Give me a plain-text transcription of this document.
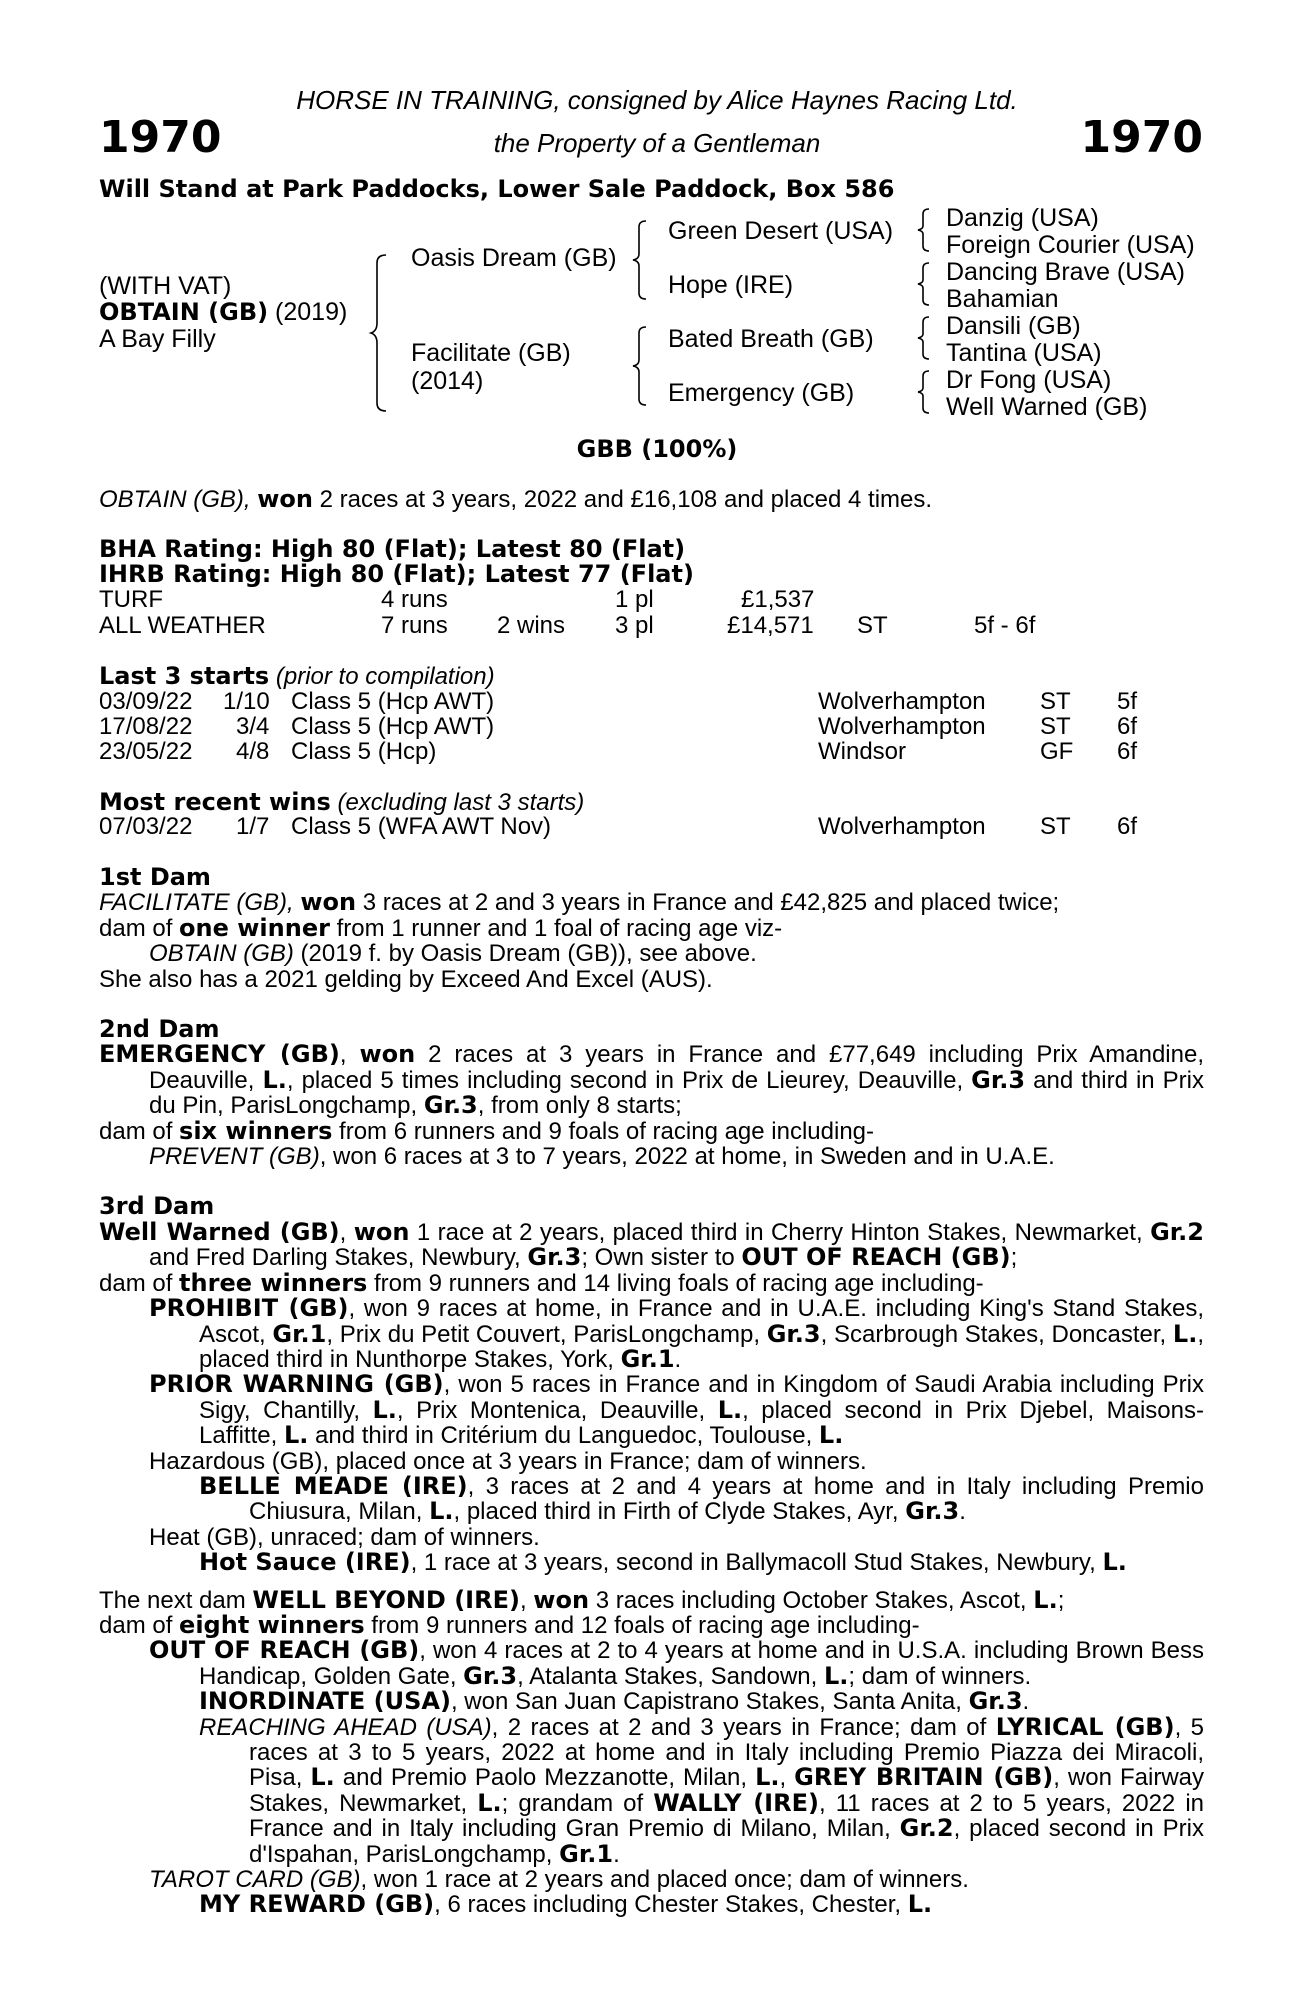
1970	1970
HORSE IN TRAINING, consigned by Alice Haynes Racing Ltd.
the Property of a Gentleman
Will Stand at Park Paddocks, Lower Sale Paddock, Box 586
(WITH VAT)
OBTAIN (GB) (2019)
A Bay Filly
Oasis Dream (GB)
Facilitate (GB)
(2014)
Green Desert (USA)
Hope (IRE)
Bated Breath (GB)
Emergency (GB)
Danzig (USA)
Foreign Courier (USA)
Dancing Brave (USA)
Bahamian
Dansili (GB)
Tantina (USA)
Dr Fong (USA)
Well Warned (GB)
GBB (100%)
OBTAIN (GB), won 2 races at 3 years, 2022 and £16,108 and placed 4 times.
BHA Rating: High 80 (Flat); Latest 80 (Flat)
IHRB Rating: High 80 (Flat); Latest 77 (Flat)
TURF	4 runs	1 pl	£1,537
ALL WEATHER	7 runs 2 wins 3 pl	£14,571 ST	5f - 6f
Last 3 starts (prior to compilation)
03/09/22 1/10 Class 5 (Hcp AWT)	Wolverhampton ST 5f
17/08/22 3/4 Class 5 (Hcp AWT)	Wolverhampton ST 6f
23/05/22 4/8 Class 5 (Hcp)	Windsor	GF 6f
Most recent wins (excluding last 3 starts)
07/03/22 1/7 Class 5 (WFA AWT Nov)	Wolverhampton ST 6f

1st Dam

FACILITATE (GB), won 3 races at 2 and 3 years in France and £42,825 and placed twice;

dam of one winner from 1 runner and 1 foal of racing age viz-

OBTAIN (GB) (2019 f. by Oasis Dream (GB)), see above.

She also has a 2021 gelding by Exceed And Excel (AUS).

2nd Dam

EMERGENCY (GB), won 2 races at 3 years in France and £77,649 including Prix Amandine, Deauville, L., placed 5 times including second in Prix de Lieurey, Deauville, Gr.3 and third in Prix du Pin, ParisLongchamp, Gr.3, from only 8 starts;

dam of six winners from 6 runners and 9 foals of racing age including-

PREVENT (GB), won 6 races at 3 to 7 years, 2022 at home, in Sweden and in U.A.E.

3rd Dam

Well Warned (GB), won 1 race at 2 years, placed third in Cherry Hinton Stakes, Newmarket, Gr.2 and Fred Darling Stakes, Newbury, Gr.3; Own sister to OUT OF REACH (GB);

dam of three winners from 9 runners and 14 living foals of racing age including-

PROHIBIT (GB), won 9 races at home, in France and in U.A.E. including King's Stand Stakes, Ascot, Gr.1, Prix du Petit Couvert, ParisLongchamp, Gr.3, Scarbrough Stakes, Doncaster, L., placed third in Nunthorpe Stakes, York, Gr.1.

PRIOR WARNING (GB), won 5 races in France and in Kingdom of Saudi Arabia including Prix Sigy, Chantilly, L., Prix Montenica, Deauville, L., placed second in Prix Djebel, Maisons-Laffitte, L. and third in Critérium du Languedoc, Toulouse, L.

Hazardous (GB), placed once at 3 years in France; dam of winners.

BELLE MEADE (IRE), 3 races at 2 and 4 years at home and in Italy including Premio Chiusura, Milan, L., placed third in Firth of Clyde Stakes, Ayr, Gr.3.

Heat (GB), unraced; dam of winners.

Hot Sauce (IRE), 1 race at 3 years, second in Ballymacoll Stud Stakes, Newbury, L.

The next dam WELL BEYOND (IRE), won 3 races including October Stakes, Ascot, L.;

dam of eight winners from 9 runners and 12 foals of racing age including-

OUT OF REACH (GB), won 4 races at 2 to 4 years at home and in U.S.A. including Brown Bess Handicap, Golden Gate, Gr.3, Atalanta Stakes, Sandown, L.; dam of winners.

INORDINATE (USA), won San Juan Capistrano Stakes, Santa Anita, Gr.3.

REACHING AHEAD (USA), 2 races at 2 and 3 years in France; dam of LYRICAL (GB), 5 races at 3 to 5 years, 2022 at home and in Italy including Premio Piazza dei Miracoli, Pisa, L. and Premio Paolo Mezzanotte, Milan, L., GREY BRITAIN (GB), won Fairway Stakes, Newmarket, L.; grandam of WALLY (IRE), 11 races at 2 to 5 years, 2022 in France and in Italy including Gran Premio di Milano, Milan, Gr.2, placed second in Prix d'Ispahan, ParisLongchamp, Gr.1.

TAROT CARD (GB), won 1 race at 2 years and placed once; dam of winners.

MY REWARD (GB), 6 races including Chester Stakes, Chester, L.
